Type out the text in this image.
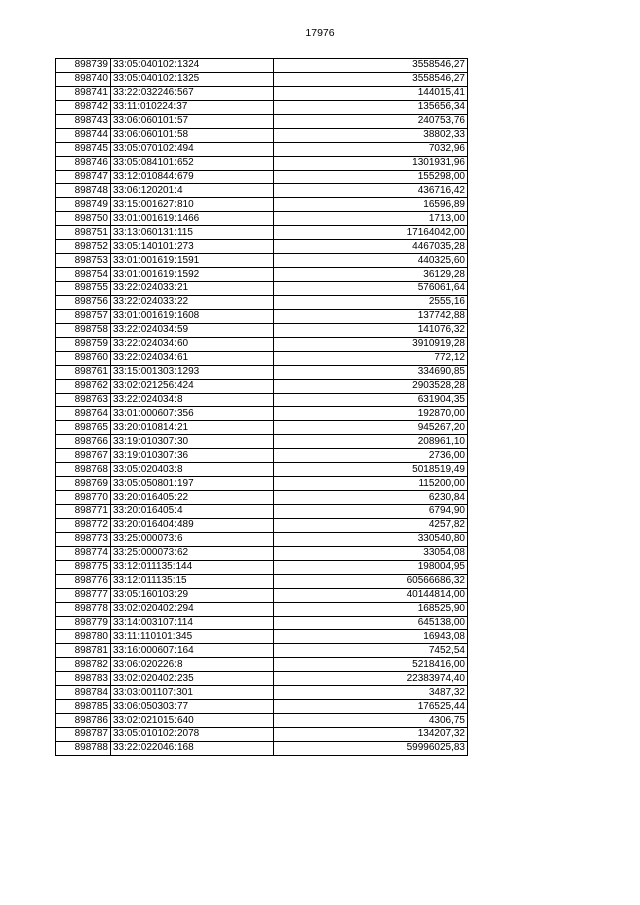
17976
898739	33:05:040102:1324	3558546,27
898740	33:05:040102:1325	3558546,27
898741	33:22:032246:567	144015,41
898742	33:11:010224:37	135656,34
898743	33:06:060101:57	240753,76
898744	33:06:060101:58	38802,33
898745	33:05:070102:494	7032,96
898746	33:05:084101:652	1301931,96
898747	33:12:010844:679	155298,00
898748	33:06:120201:4	436716,42
898749	33:15:001627:810	16596,89
898750	33:01:001619:1466	1713,00
898751	33:13:060131:115	17164042,00
898752	33:05:140101:273	4467035,28
898753	33:01:001619:1591	440325,60
898754	33:01:001619:1592	36129,28
898755	33:22:024033:21	576061,64
898756	33:22:024033:22	2555,16
898757	33:01:001619:1608	137742,88
898758	33:22:024034:59	141076,32
898759	33:22:024034:60	3910919,28
898760	33:22:024034:61	772,12
898761	33:15:001303:1293	334690,85
898762	33:02:021256:424	2903528,28
898763	33:22:024034:8	631904,35
898764	33:01:000607:356	192870,00
898765	33:20:010814:21	945267,20
898766	33:19:010307:30	208961,10
898767	33:19:010307:36	2736,00
898768	33:05:020403:8	5018519,49
898769	33:05:050801:197	115200,00
898770	33:20:016405:22	6230,84
898771	33:20:016405:4	6794,90
898772	33:20:016404:489	4257,82
898773	33:25:000073:6	330540,80
898774	33:25:000073:62	33054,08
898775	33:12:011135:144	198004,95
898776	33:12:011135:15	60566686,32
898777	33:05:160103:29	40144814,00
898778	33:02:020402:294	168525,90
898779	33:14:003107:114	645138,00
898780	33:11:110101:345	16943,08
898781	33:16:000607:164	7452,54
898782	33:06:020226:8	5218416,00
898783	33:02:020402:235	22383974,40
898784	33:03:001107:301	3487,32
898785	33:06:050303:77	176525,44
898786	33:02:021015:640	4306,75
898787	33:05:010102:2078	134207,32
898788	33:22:022046:168	59996025,83
